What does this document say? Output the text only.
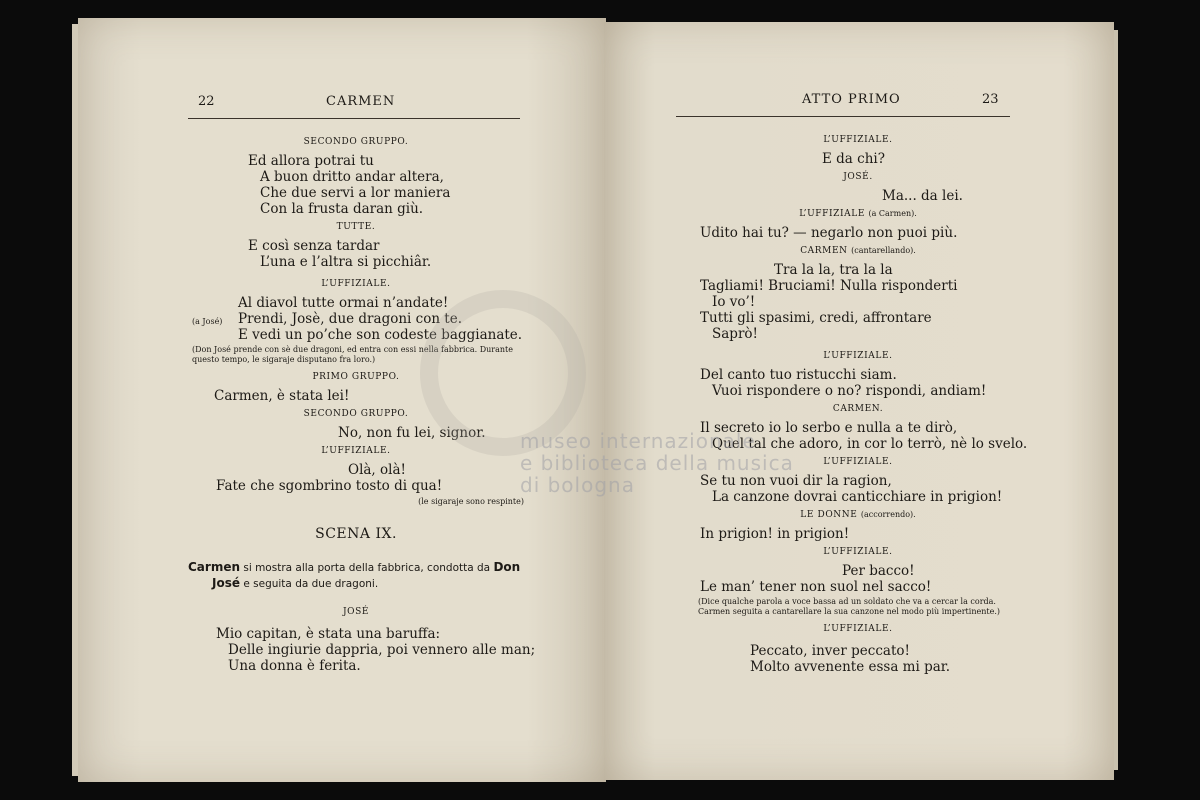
22	CARMEN
SECONDO GRUPPO.
Ed allora potrai tu
A buon dritto andar altera,
Che due servi a lor maniera
Con la frusta daran giù.
TUTTE.
E così senza tardar
L’una e l’altra si picchiâr.
L’UFFIZIALE.
Al diavol tutte ormai n’andate!
(a José) Prendi, Josè, due dragoni con te.
E vedi un po’che son codeste baggianate.
(Don José prende con sè due dragoni, ed entra con essi nella fabbrica. Durante questo tempo, le sigaraje disputano fra loro.)
PRIMO GRUPPO.
Carmen, è stata lei!
SECONDO GRUPPO.
No, non fu lei, signor.
L’UFFIZIALE.
Olà, olà!
Fate che sgombrino tosto di qua!
(le sigaraje sono respinte)
SCENA IX.
Carmen si mostra alla porta della fabbrica, condotta da Don
José e seguita da due dragoni.
JOSÉ
Mio capitan, è stata una baruffa:
Delle ingiurie dappria, poi vennero alle man;
Una donna è ferita.
ATTO PRIMO	23
L’UFFIZIALE.
E da chi?
JOSÉ.
Ma... da lei.
L’UFFIZIALE (a Carmen).
Udito hai tu? — negarlo non puoi più.
CARMEN (cantarellando).
Tra la la, tra la la
Tagliami! Bruciami! Nulla risponderti
Io vo’!
Tutti gli spasimi, credi, affrontare
Saprò!
L’UFFIZIALE.
Del canto tuo ristucchi siam.
Vuoi rispondere o no? rispondi, andiam!
CARMEN.
Il secreto io lo serbo e nulla a te dirò,
Quel tal che adoro, in cor lo terrò, nè lo svelo.
L’UFFIZIALE.
Se tu non vuoi dir la ragion,
La canzone dovrai canticchiare in prigion!
LE DONNE (accorrendo).
In prigion! in prigion!
L’UFFIZIALE.
Per bacco!
Le man’ tener non suol nel sacco!
(Dice qualche parola a voce bassa ad un soldato che va a cercar la corda. Carmen seguita a cantarellare la sua canzone nel modo più impertinente.)
L’UFFIZIALE.
Peccato, inver peccato!
Molto avvenente essa mi par.
museo internazionale
e biblioteca della musica
di bologna
